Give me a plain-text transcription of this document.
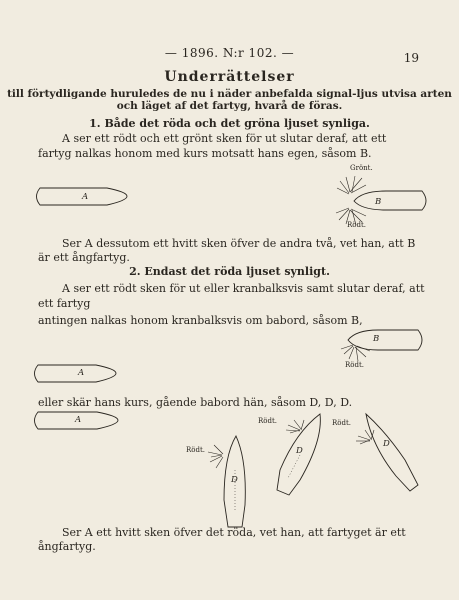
— 1896. N:r 102. —	19
Underrättelser
till förtydligande huruledes de nu i näder anbefalda signal-ljus utvisa arten
och läget af det fartyg, hvarå de föras.
1. Både det röda och det gröna ljuset synliga.
A ser ett rödt och ett grönt sken för ut slutar deraf, att ett
fartyg nalkas honom med kurs motsatt hans egen, såsom B.
A	B
Grönt.
Rödt.
Ser A dessutom ett hvitt sken öfver de andra två, vet han, att B
är ett ångfartyg.
2. Endast det röda ljuset synligt.
A ser ett rödt sken för ut eller kranbalksvis samt slutar deraf, att
ett fartyg
antingen nalkas honom kranbalksvis om babord, såsom B,
B
Rödt.
A
eller skär hans kurs, gående babord hän, såsom D, D, D.
A
Rödt.
Rödt.	Rödt.
D
D
D
Ser A ett hvitt sken öfver det röda, vet han, att fartyget är ett
ångfartyg.
